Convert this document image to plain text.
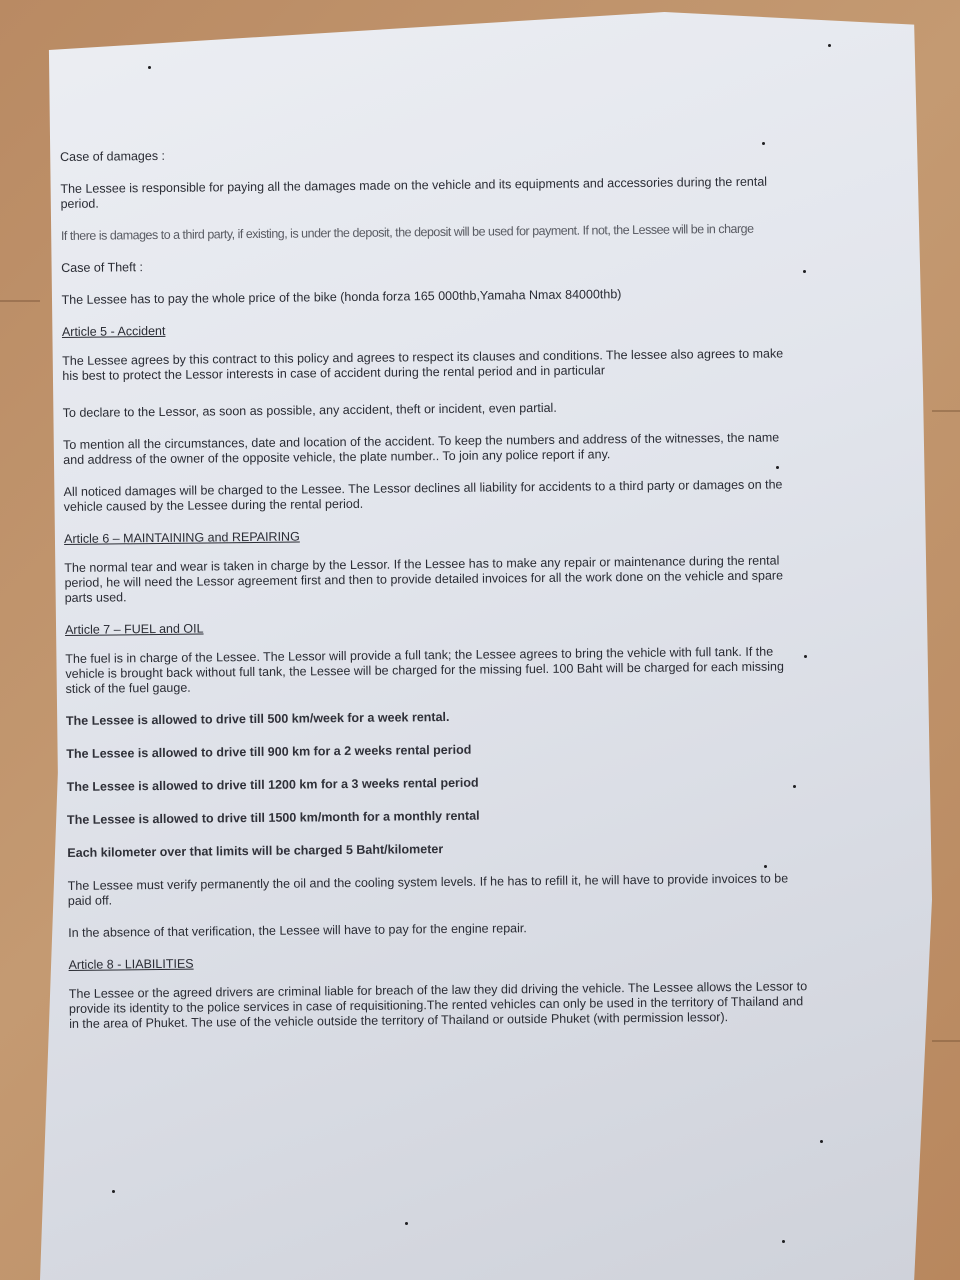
Case of damages :
The Lessee is responsible for paying all the damages made on the vehicle and its equipments and accessories during the rental period.
If there is damages to a third party, if existing, is under the deposit, the deposit will be used for payment. If not, the Lessee will be in charge
Case of Theft :
The Lessee has to pay the whole price of the bike (honda forza 165 000thb,Yamaha Nmax 84000thb)
Article 5 - Accident
The Lessee agrees by this contract to this policy and agrees to respect its clauses and conditions. The lessee also agrees to make his best to protect the Lessor interests in case of accident during the rental period and in particular
To declare to the Lessor, as soon as possible, any accident, theft or incident, even partial.
To mention all the circumstances, date and location of the accident. To keep the numbers and address of the witnesses, the name and address of the owner of the opposite vehicle, the plate number.. To join any police report if any.
All noticed damages will be charged to the Lessee. The Lessor declines all liability for accidents to a third party or damages on the vehicle caused by the Lessee during the rental period.
Article 6 – MAINTAINING and REPAIRING
The normal tear and wear is taken in charge by the Lessor. If the Lessee has to make any repair or maintenance during the rental period, he will need the Lessor agreement first and then to provide detailed invoices for all the work done on the vehicle and spare parts used.
Article 7 – FUEL and OIL
The fuel is in charge of the Lessee. The Lessor will provide a full tank; the Lessee agrees to bring the vehicle with full tank. If the vehicle is brought back without full tank, the Lessee will be charged for the missing fuel. 100 Baht will be charged for each missing stick of the fuel gauge.
The Lessee is allowed to drive till 500 km/week for a week rental.
The Lessee is allowed to drive till 900 km for a 2 weeks rental period
The Lessee is allowed to drive till 1200 km for a 3 weeks rental period
The Lessee is allowed to drive till 1500 km/month for a monthly rental
Each kilometer over that limits will be charged 5 Baht/kilometer
The Lessee must verify permanently the oil and the cooling system levels. If he has to refill it, he will have to provide invoices to be paid off.
In the absence of that verification, the Lessee will have to pay for the engine repair.
Article 8 - LIABILITIES
The Lessee or the agreed drivers are criminal liable for breach of the law they did driving the vehicle. The Lessee allows the Lessor to provide its identity to the police services in case of requisitioning.The rented vehicles can only be used in the territory of Thailand and in the area of Phuket. The use of the vehicle outside the territory of Thailand or outside Phuket (with permission lessor).
